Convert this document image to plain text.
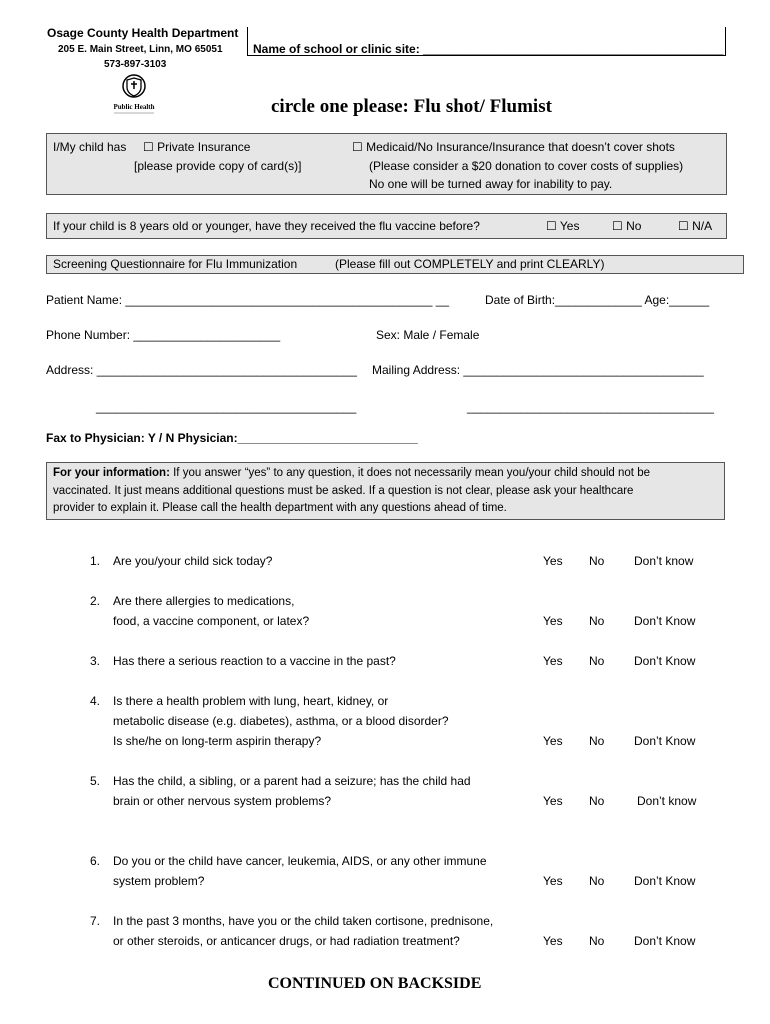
Osage County Health Department
205 E. Main Street, Linn, MO 65051
573-897-3103
Public Health
Name of school or clinic site: _____________________________________________
circle one please: Flu shot/ Flumist
I/My child has ☐ Private Insurance
[please provide copy of card(s)]
☐ Medicaid/No Insurance/Insurance that doesn’t cover shots
(Please consider a $20 donation to cover costs of supplies)
No one will be turned away for inability to pay.
If your child is 8 years old or younger, have they received the flu vaccine before?	☐ Yes	☐ No	☐ N/A
Screening Questionnaire for Flu Immunization	(Please fill out COMPLETELY and print CLEARLY)
Patient Name: ______________________________________________ __	Date of Birth:_____________ Age:______
Phone Number: ______________________	Sex: Male / Female
Address: _______________________________________ Mailing Address: ____________________________________
_______________________________________	_____________________________________
Fax to Physician: Y / N Physician:___________________________
For your information: If you answer “yes” to any question, it does not necessarily mean you/your child should not be
vaccinated. It just means additional questions must be asked. If a question is not clear, please ask your healthcare
provider to explain it. Please call the health department with any questions ahead of time.
1. Are you/your child sick today?	Yes No Don’t know
2. Are there allergies to medications,
food, a vaccine component, or latex?	Yes No Don’t Know
3. Has there a serious reaction to a vaccine in the past?	Yes No Don’t Know
4. Is there a health problem with lung, heart, kidney, or
metabolic disease (e.g. diabetes), asthma, or a blood disorder?
Is she/he on long-term aspirin therapy?	Yes No Don’t Know
5. Has the child, a sibling, or a parent had a seizure; has the child had
brain or other nervous system problems?	Yes No	Don’t know
6. Do you or the child have cancer, leukemia, AIDS, or any other immune
system problem?	Yes No Don’t Know
7. In the past 3 months, have you or the child taken cortisone, prednisone,
or other steroids, or anticancer drugs, or had radiation treatment?	Yes No Don’t Know
CONTINUED ON BACKSIDE
